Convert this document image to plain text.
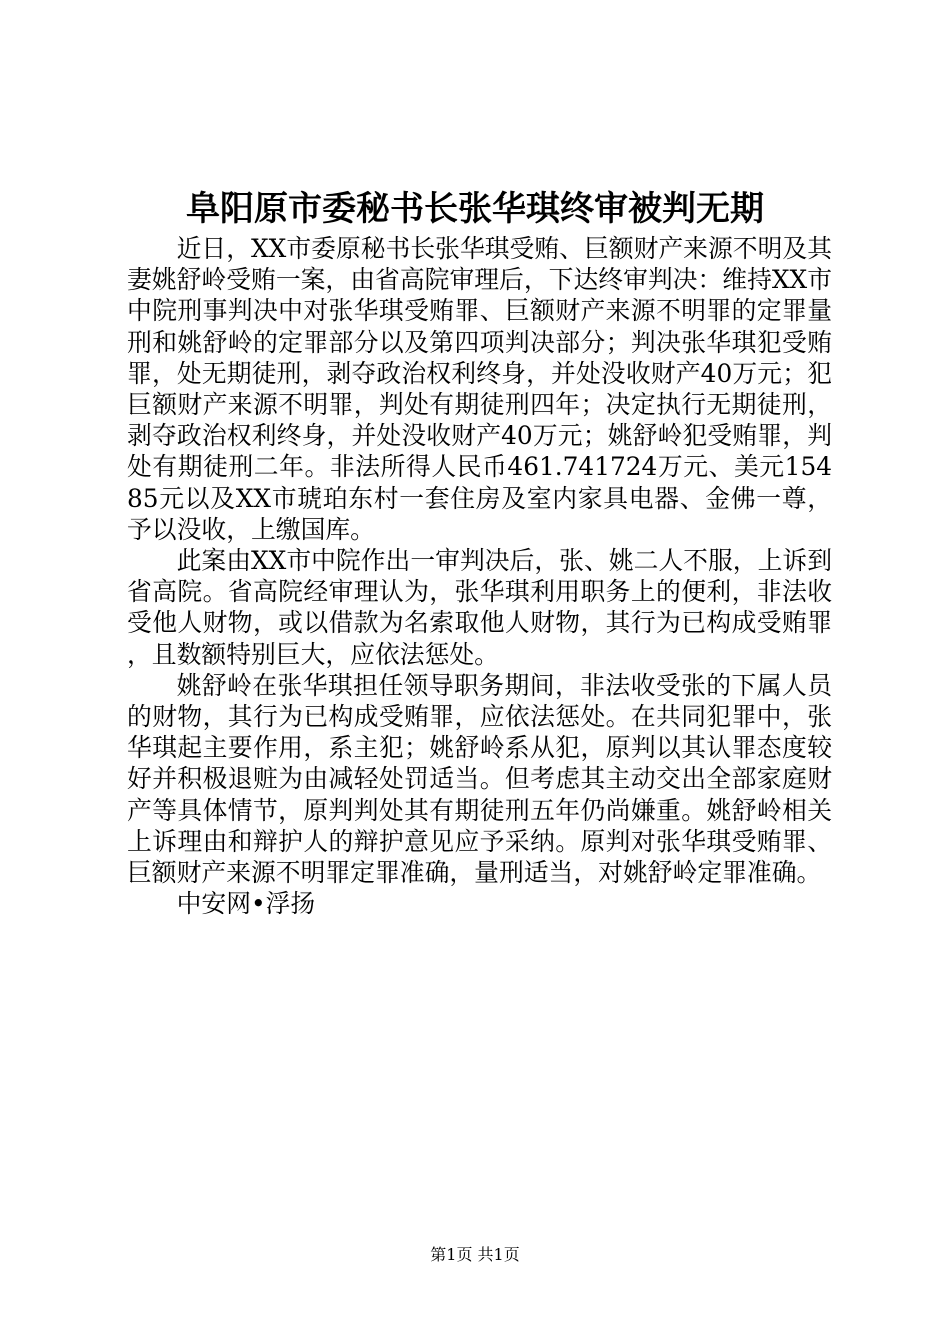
阜阳原市委秘书长张华琪终审被判无期

近日，XX市委原秘书长张华琪受贿、巨额财产来源不明及其妻姚舒岭受贿一案，由省高院审理后，下达终审判决：维持XX市中院刑事判决中对张华琪受贿罪、巨额财产来源不明罪的定罪量刑和姚舒岭的定罪部分以及第四项判决部分；判决张华琪犯受贿罪，处无期徒刑，剥夺政治权利终身，并处没收财产40万元；犯巨额财产来源不明罪，判处有期徒刑四年；决定执行无期徒刑，剥夺政治权利终身，并处没收财产40万元；姚舒岭犯受贿罪，判处有期徒刑二年。非法所得人民币461.741724万元、美元15485元以及XX市琥珀东村一套住房及室内家具电器、金佛一尊，予以没收，上缴国库。

此案由XX市中院作出一审判决后，张、姚二人不服，上诉到省高院。省高院经审理认为，张华琪利用职务上的便利，非法收受他人财物，或以借款为名索取他人财物，其行为已构成受贿罪，且数额特别巨大，应依法惩处。

姚舒岭在张华琪担任领导职务期间，非法收受张的下属人员的财物，其行为已构成受贿罪，应依法惩处。在共同犯罪中，张华琪起主要作用，系主犯；姚舒岭系从犯，原判以其认罪态度较好并积极退赃为由减轻处罚适当。但考虑其主动交出全部家庭财产等具体情节，原判判处其有期徒刑五年仍尚嫌重。姚舒岭相关上诉理由和辩护人的辩护意见应予采纳。原判对张华琪受贿罪、巨额财产来源不明罪定罪准确，量刑适当，对姚舒岭定罪准确。

中安网•浮扬

第1页 共1页
